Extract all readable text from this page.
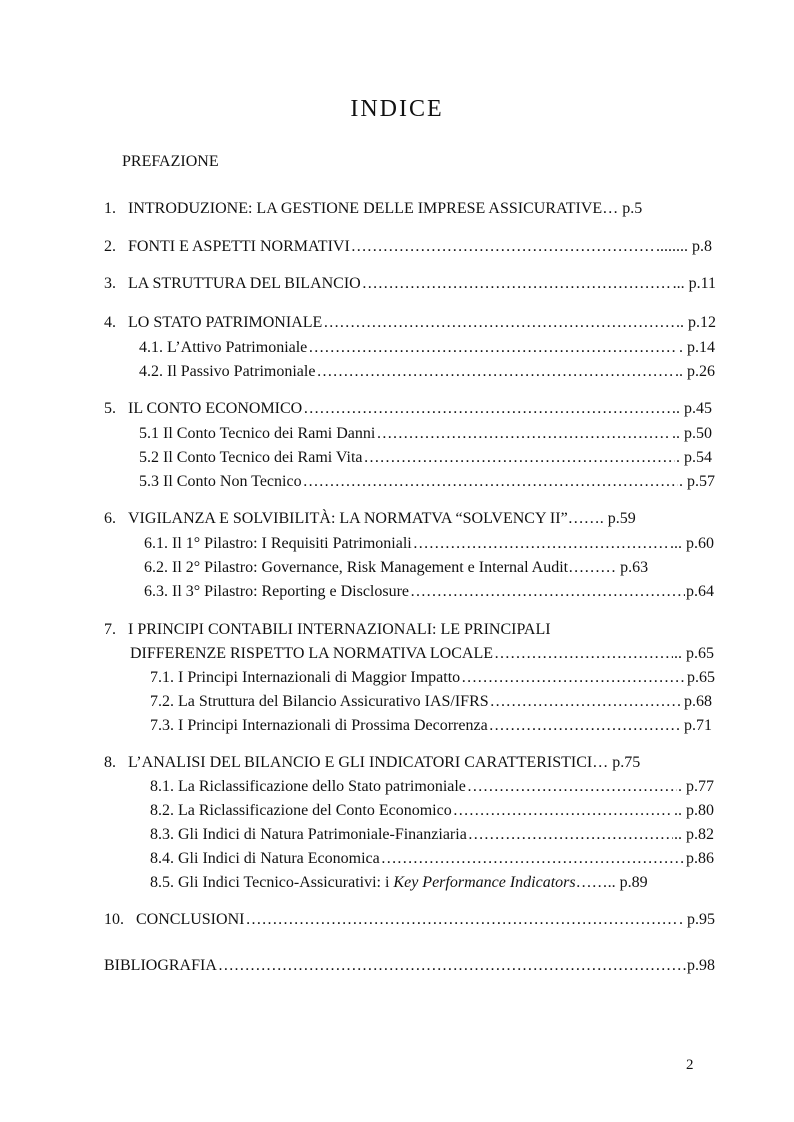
INDICE
PREFAZIONE
1.   INTRODUZIONE: LA GESTIONE DELLE IMPRESE ASSICURATIVE … p.5
2.   FONTI E ASPETTI NORMATIVI ……………………………………………………………………………………………………………………………………………………………	........ p.8
3.   LA STRUTTURA DEL BILANCIO ……………………………………………………………………………………………………………………………………………………………	... p.11
4.   LO STATO PATRIMONIALE ……………………………………………………………………………………………………………………………………………………………	.. p.12
4.1. L’Attivo Patrimoniale ……………………………………………………………………………………………………………………………………………………………	. p.14
4.2. Il Passivo Patrimoniale ……………………………………………………………………………………………………………………………………………………………	.. p.26
5.   IL CONTO ECONOMICO ……………………………………………………………………………………………………………………………………………………………	. p.45
5.1 Il Conto Tecnico dei Rami Danni ……………………………………………………………………………………………………………………………………………………………	.. p.50
5.2 Il Conto Tecnico dei Rami Vita ……………………………………………………………………………………………………………………………………………………………	. p.54
5.3 Il Conto Non Tecnico ……………………………………………………………………………………………………………………………………………………………	. p.57
6.   VIGILANZA E SOLVIBILITÀ: LA NORMATVA “SOLVENCY II” ……. p.59
6.1. Il 1° Pilastro: I Requisiti Patrimoniali ……………………………………………………………………………………………………………………………………………………………	... p.60
6.2. Il 2° Pilastro: Governance, Risk Management e Internal Audit ……… p.63
6.3. Il 3° Pilastro: Reporting e Disclosure ……………………………………………………………………………………………………………………………………………………………	p.64
7.   I PRINCIPI CONTABILI INTERNAZIONALI: LE PRINCIPALI
DIFFERENZE RISPETTO LA NORMATIVA LOCALE ……………………………………………………………………………………………………………………………………………………………	.. p.65
7.1. I Principi Internazionali di Maggior Impatto ……………………………………………………………………………………………………………………………………………………………	p.65
7.2. La Struttura del Bilancio Assicurativo IAS/IFRS ……………………………………………………………………………………………………………………………………………………………	p.68
7.3. I Principi Internazionali di Prossima Decorrenza ……………………………………………………………………………………………………………………………………………………………	. p.71
8.   L’ANALISI DEL BILANCIO E GLI INDICATORI CARATTERISTICI … p.75
8.1. La Riclassificazione dello Stato patrimoniale ……………………………………………………………………………………………………………………………………………………………	. p.77
8.2. La Riclassificazione del Conto Economico ……………………………………………………………………………………………………………………………………………………………	.. p.80
8.3. Gli Indici di Natura Patrimoniale-Finanziaria ……………………………………………………………………………………………………………………………………………………………	.. p.82
8.4. Gli Indici di Natura Economica ……………………………………………………………………………………………………………………………………………………………	p.86
8.5. Gli Indici Tecnico-Assicurativi: i Key Performance Indicators …….. p.89
10.   CONCLUSIONI ……………………………………………………………………………………………………………………………………………………………	. p.95
BIBLIOGRAFIA ……………………………………………………………………………………………………………………………………………………………	p.98
2
